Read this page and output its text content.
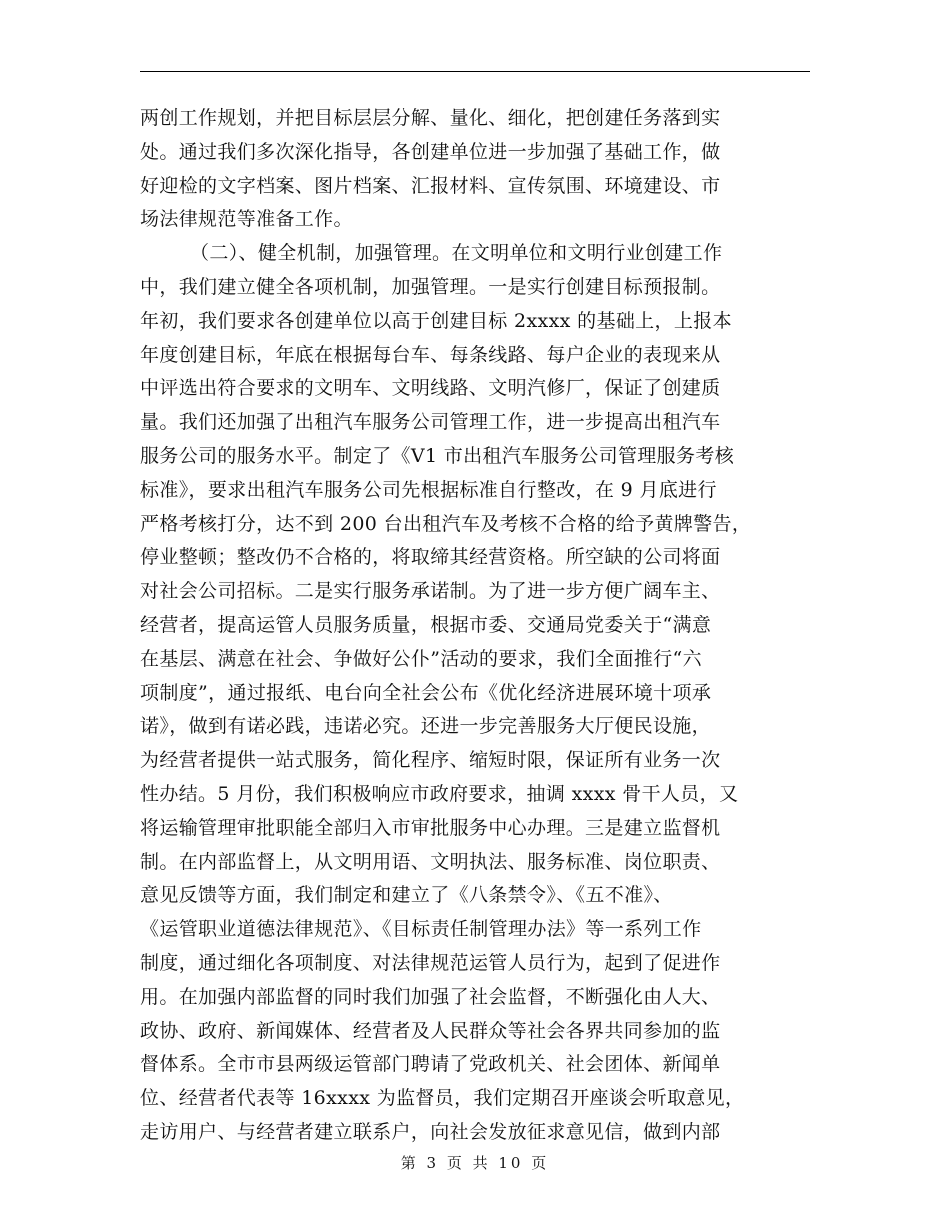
两创工作规划，并把目标层层分解、量化、细化，把创建任务落到实
处。通过我们多次深化指导，各创建单位进一步加强了基础工作，做
好迎检的文字档案、图片档案、汇报材料、宣传氛围、环境建设、市
场法律规范等准备工作。
（二）、健全机制，加强管理。在文明单位和文明行业创建工作
中，我们建立健全各项机制，加强管理。一是实行创建目标预报制。
年初，我们要求各创建单位以高于创建目标 2xxxx 的基础上，上报本
年度创建目标，年底在根据每台车、每条线路、每户企业的表现来从
中评选出符合要求的文明车、文明线路、文明汽修厂，保证了创建质
量。我们还加强了出租汽车服务公司管理工作，进一步提高出租汽车
服务公司的服务水平。制定了《V1 市出租汽车服务公司管理服务考核
标准》，要求出租汽车服务公司先根据标准自行整改，在 9 月底进行
严格考核打分，达不到 200 台出租汽车及考核不合格的给予黄牌警告，
停业整顿；整改仍不合格的，将取缔其经营资格。所空缺的公司将面
对社会公司招标。二是实行服务承诺制。为了进一步方便广阔车主、
经营者，提高运管人员服务质量，根据市委、交通局党委关于“满意
在基层、满意在社会、争做好公仆”活动的要求，我们全面推行“六
项制度”，通过报纸、电台向全社会公布《优化经济进展环境十项承
诺》，做到有诺必践，违诺必究。还进一步完善服务大厅便民设施，
为经营者提供一站式服务，简化程序、缩短时限，保证所有业务一次
性办结。5 月份，我们积极响应市政府要求，抽调 xxxx 骨干人员，又
将运输管理审批职能全部归入市审批服务中心办理。三是建立监督机
制。在内部监督上，从文明用语、文明执法、服务标准、岗位职责、
意见反馈等方面，我们制定和建立了《八条禁令》、《五不准》、
《运管职业道德法律规范》、《目标责任制管理办法》等一系列工作
制度，通过细化各项制度、对法律规范运管人员行为，起到了促进作
用。在加强内部监督的同时我们加强了社会监督，不断强化由人大、
政协、政府、新闻媒体、经营者及人民群众等社会各界共同参加的监
督体系。全市市县两级运管部门聘请了党政机关、社会团体、新闻单
位、经营者代表等 16xxxx 为监督员，我们定期召开座谈会听取意见，
走访用户、与经营者建立联系户，向社会发放征求意见信，做到内部
第 3 页 共 10 页
